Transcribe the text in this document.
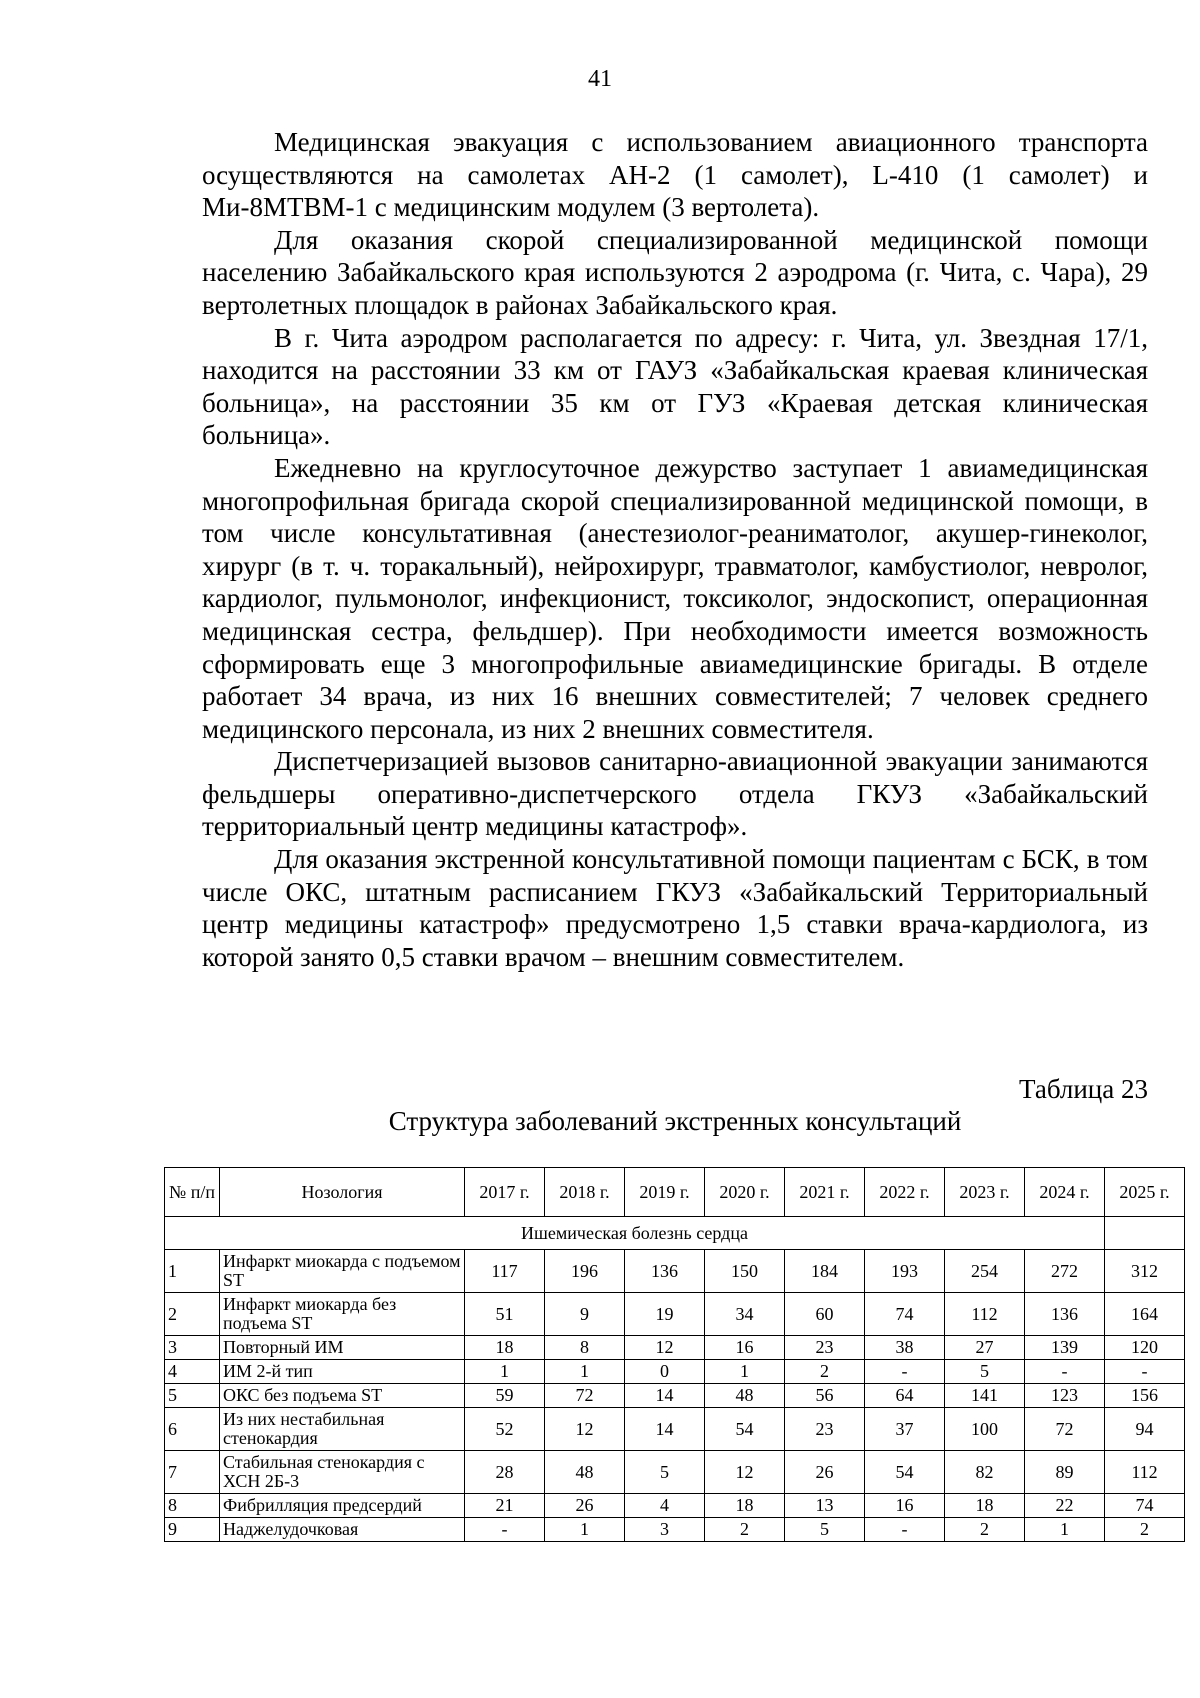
41

Медицинская эвакуация с использованием авиационного транспорта осуществляются на самолетах АН-2 (1 самолет), L-410 (1 самолет) и Ми-8МТВМ-1 с медицинским модулем (3 вертолета).

Для оказания скорой специализированной медицинской помощи населению Забайкальского края используются 2 аэродрома (г. Чита, с. Чара), 29 вертолетных площадок в районах Забайкальского края.

В г. Чита аэродром располагается по адресу: г. Чита, ул. Звездная 17/1, находится на расстоянии 33 км от ГАУЗ «Забайкальская краевая клиническая больница», на расстоянии 35 км от ГУЗ «Краевая детская клиническая больница».

Ежедневно на круглосуточное дежурство заступает 1 авиамедицинская многопрофильная бригада скорой специализированной медицинской помощи, в том числе консультативная (анестезиолог-реаниматолог, акушер-гинеколог, хирург (в т. ч. торакальный), нейрохирург, травматолог, камбустиолог, невролог, кардиолог, пульмонолог, инфекционист, токсиколог, эндоскопист, операционная медицинская сестра, фельдшер). При необходимости имеется возможность сформировать еще 3 многопрофильные авиамедицинские бригады. В отделе работает 34 врача, из них 16 внешних совместителей; 7 человек среднего медицинского персонала, из них 2 внешних совместителя.

Диспетчеризацией вызовов санитарно-авиационной эвакуации занимаются фельдшеры оперативно-диспетчерского отдела ГКУЗ «Забайкальский территориальный центр медицины катастроф».

Для оказания экстренной консультативной помощи пациентам с БСК, в том числе ОКС, штатным расписанием ГКУЗ «Забайкальский Территориальный центр медицины катастроф» предусмотрено 1,5 ставки врача-кардиолога, из которой занято 0,5 ставки врачом – внешним совместителем.

Таблица 23
Структура заболеваний экстренных консультаций
№ п/п	Нозология	2017 г.	2018 г.	2019 г.	2020 г.	2021 г.	2022 г.	2023 г.	2024 г.	2025 г.
Ишемическая болезнь сердца										
1	Инфаркт миокарда с подъемом ST	117	196	136	150	184	193	254	272	312
2	Инфаркт миокарда без подъема ST	51	9	19	34	60	74	112	136	164
3	Повторный ИМ	18	8	12	16	23	38	27	139	120
4	ИМ 2-й тип	1	1	0	1	2	-	5	-	-
5	ОКС без подъема ST	59	72	14	48	56	64	141	123	156
6	Из них нестабильная стенокардия	52	12	14	54	23	37	100	72	94
7	Стабильная стенокардия с ХСН 2Б-3	28	48	5	12	26	54	82	89	112
8	Фибрилляция предсердий	21	26	4	18	13	16	18	22	74
9	Наджелудочковая	-	1	3	2	5	-	2	1	2
